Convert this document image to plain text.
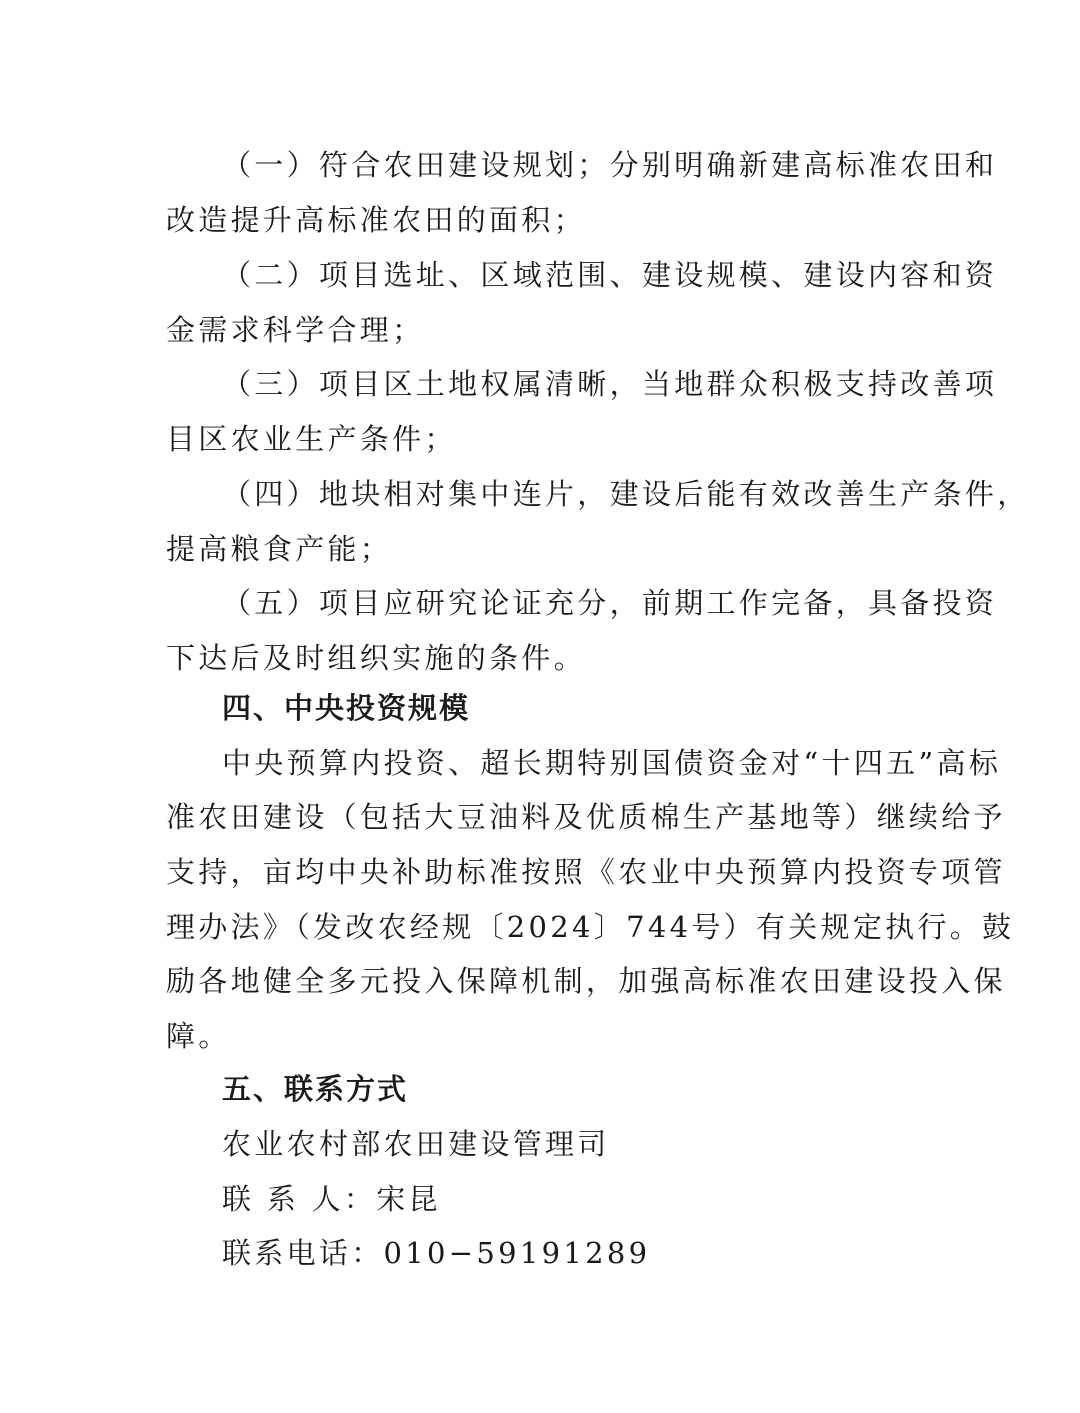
（一）符合农田建设规划；分别明确新建高标准农田和
改造提升高标准农田的面积；
（二）项目选址、区域范围、建设规模、建设内容和资
金需求科学合理；
（三）项目区土地权属清晰，当地群众积极支持改善项
目区农业生产条件；
（四）地块相对集中连片，建设后能有效改善生产条件，
提高粮食产能；
（五）项目应研究论证充分，前期工作完备，具备投资
下达后及时组织实施的条件。
四、中央投资规模
中央预算内投资、超长期特别国债资金对“十四五”高标
准农田建设（包括大豆油料及优质棉生产基地等）继续给予
支持，亩均中央补助标准按照《农业中央预算内投资专项管
理办法》（发改农经规〔2024〕744号）有关规定执行。鼓
励各地健全多元投入保障机制，加强高标准农田建设投入保
障。
五、联系方式
农业农村部农田建设管理司
联 系 人：宋昆
联系电话：010−59191289
